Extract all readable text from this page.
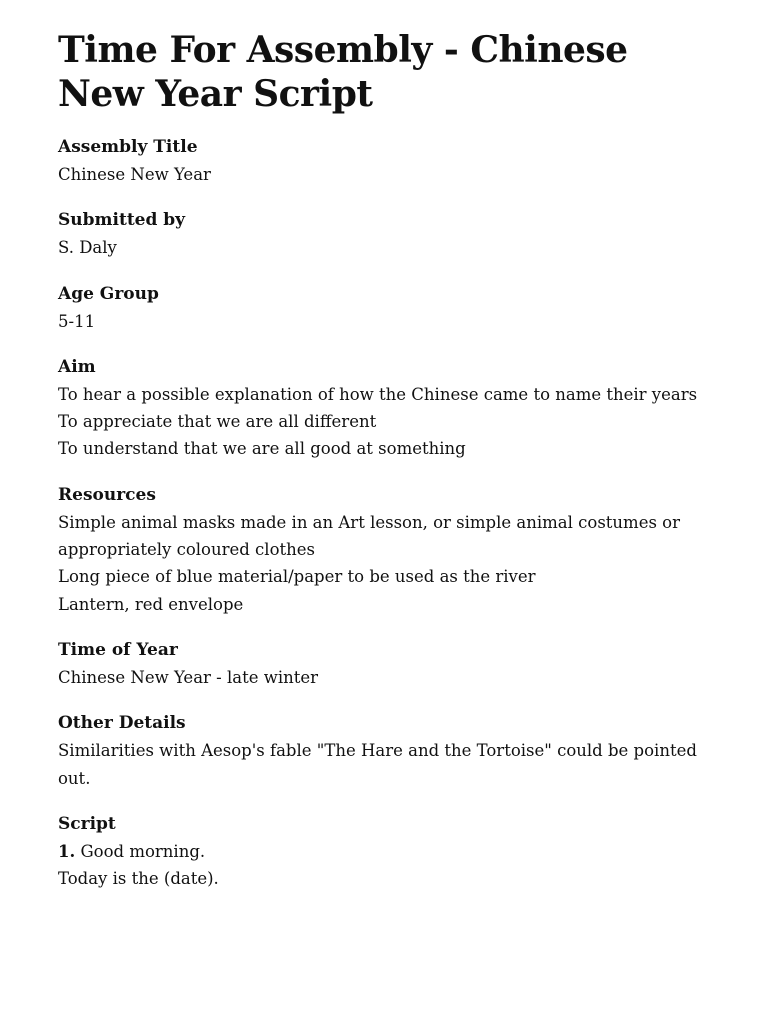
Time For Assembly - Chinese New Year Script

Assembly Title

Chinese New Year

Submitted by

S. Daly

Age Group

5-11

Aim

To hear a possible explanation of how the Chinese came to name their years

To appreciate that we are all different

To understand that we are all good at something

Resources

Simple animal masks made in an Art lesson, or simple animal costumes or appropriately coloured clothes

Long piece of blue material/paper to be used as the river

Lantern, red envelope

Time of Year

Chinese New Year - late winter

Other Details

Similarities with Aesop's fable "The Hare and the Tortoise" could be pointed out.

Script

1. Good morning.

Today is the (date).
